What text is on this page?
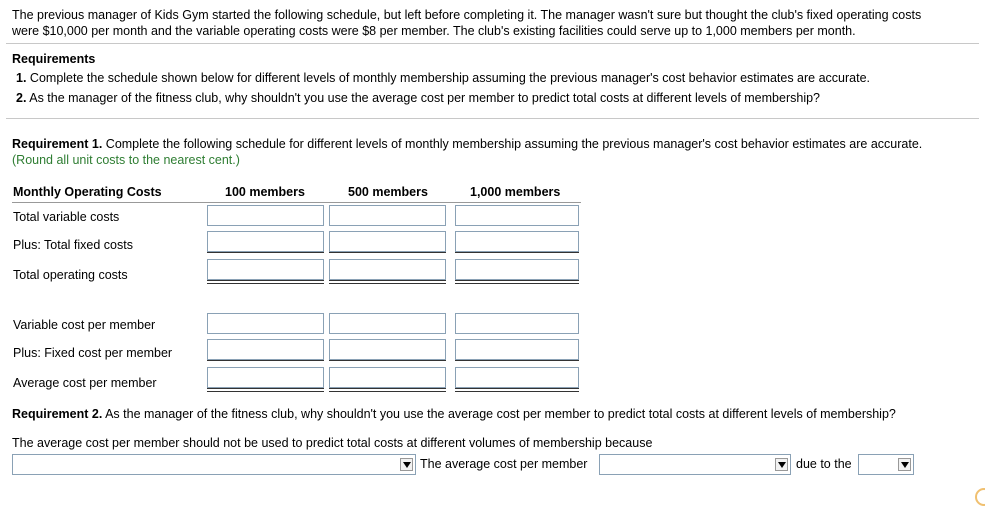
The previous manager of Kids Gym started the following schedule, but left before completing it. The manager wasn't sure but thought the club's fixed operating costs
were $10,000 per month and the variable operating costs were $8 per member. The club's existing facilities could serve up to 1,000 members per month.
Requirements
1. Complete the schedule shown below for different levels of monthly membership assuming the previous manager's cost behavior estimates are accurate.
2. As the manager of the fitness club, why shouldn't you use the average cost per member to predict total costs at different levels of membership?
Requirement 1. Complete the following schedule for different levels of monthly membership assuming the previous manager's cost behavior estimates are accurate.
(Round all unit costs to the nearest cent.)
Monthly Operating Costs	100 members	500 members	1,000 members
Total variable costs
Plus: Total fixed costs
Total operating costs
Variable cost per member
Plus: Fixed cost per member
Average cost per member
Requirement 2. As the manager of the fitness club, why shouldn't you use the average cost per member to predict total costs at different levels of membership?
The average cost per member should not be used to predict total costs at different volumes of membership because
The average cost per member	due to the
